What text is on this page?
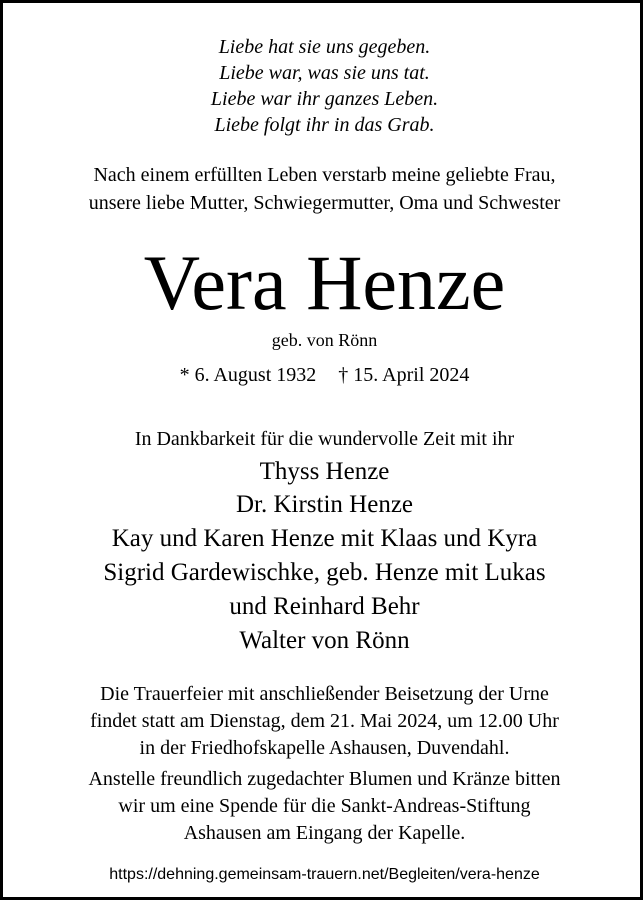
Liebe hat sie uns gegeben.
Liebe war, was sie uns tat.
Liebe war ihr ganzes Leben.
Liebe folgt ihr in das Grab.
Nach einem erfüllten Leben verstarb meine geliebte Frau,
unsere liebe Mutter, Schwiegermutter, Oma und Schwester
Vera Henze
geb. von Rönn
* 6. August 1932 † 15. April 2024
In Dankbarkeit für die wundervolle Zeit mit ihr
Thyss Henze
Dr. Kirstin Henze
Kay und Karen Henze mit Klaas und Kyra
Sigrid Gardewischke, geb. Henze mit Lukas
und Reinhard Behr
Walter von Rönn
Die Trauerfeier mit anschließender Beisetzung der Urne
findet statt am Dienstag, dem 21. Mai 2024, um 12.00 Uhr
in der Friedhofskapelle Ashausen, Duvendahl.
Anstelle freundlich zugedachter Blumen und Kränze bitten
wir um eine Spende für die Sankt-Andreas-Stiftung
Ashausen am Eingang der Kapelle.
https://dehning.gemeinsam-trauern.net/Begleiten/vera-henze
